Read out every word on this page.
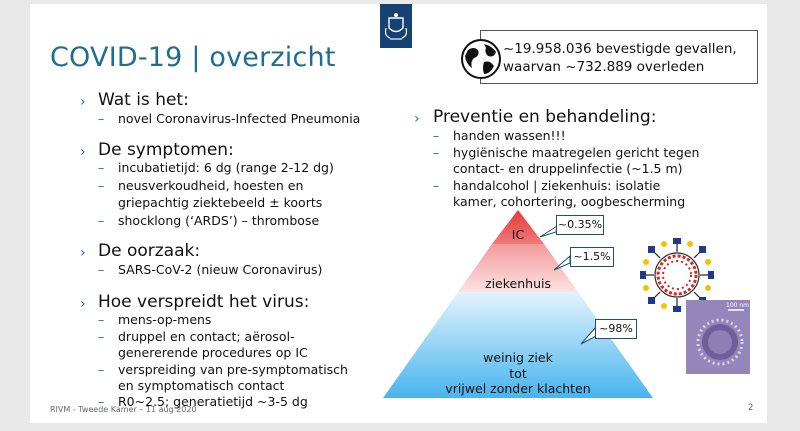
COVID-19 | overzicht	~19.958.036 bevestigde gevallen,
waarvan ~732.889 overleden
› Wat is het:
– novel Coronavirus-Infected Pneumonia
› De symptomen:
– incubatietijd: 6 dg (range 2-12 dg)
– neusverkoudheid, hoesten en
griepachtig ziektebeeld ± koorts
– shocklong (‘ARDS’) – thrombose
› De oorzaak:
– SARS-CoV-2 (nieuw Coronavirus)
› Hoe verspreidt het virus:
– mens-op-mens
– druppel en contact; aërosol-
genererende procedures op IC
– verspreiding van pre-symptomatisch
en symptomatisch contact
– R0~2.5; generatietijd ~3-5 dg
› Preventie en behandeling:
– handen wassen!!!
– hygiënische maatregelen gericht tegen
contact- en druppelinfectie (~1.5 m)
– handalcohol | ziekenhuis: isolatie
kamer, cohortering, oogbescherming
IC
ziekenhuis
weinig ziek
tot
vrijwel zonder klachten
~0.35%
~1.5%
~98%
100 nm
RIVM - Tweede Kamer – 11 aug 2020	2
